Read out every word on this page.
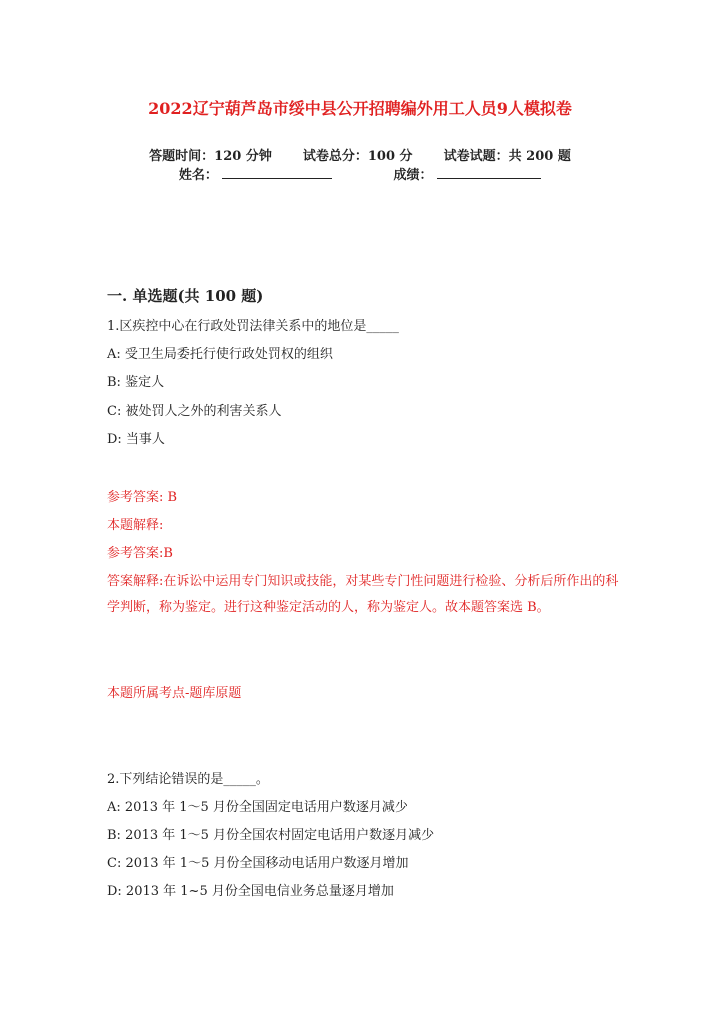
2022辽宁葫芦岛市绥中县公开招聘编外用工人员9人模拟卷
答题时间：120 分钟 试卷总分：100 分 试卷试题：共 200 题
姓名：	成绩：
一. 单选题(共 100 题)
1.区疾控中心在行政处罚法律关系中的地位是_____
A: 受卫生局委托行使行政处罚权的组织
B: 鉴定人
C: 被处罚人之外的利害关系人
D: 当事人
参考答案: B
本题解释:
参考答案:B
答案解释:在诉讼中运用专门知识或技能，对某些专门性问题进行检验、分析后所作出的科学判断，称为鉴定。进行这种鉴定活动的人，称为鉴定人。故本题答案选 B。
本题所属考点-题库原题
2.下列结论错误的是_____。
A: 2013 年 1～5 月份全国固定电话用户数逐月减少
B: 2013 年 1～5 月份全国农村固定电话用户数逐月减少
C: 2013 年 1～5 月份全国移动电话用户数逐月增加
D: 2013 年 1~5 月份全国电信业务总量逐月增加
